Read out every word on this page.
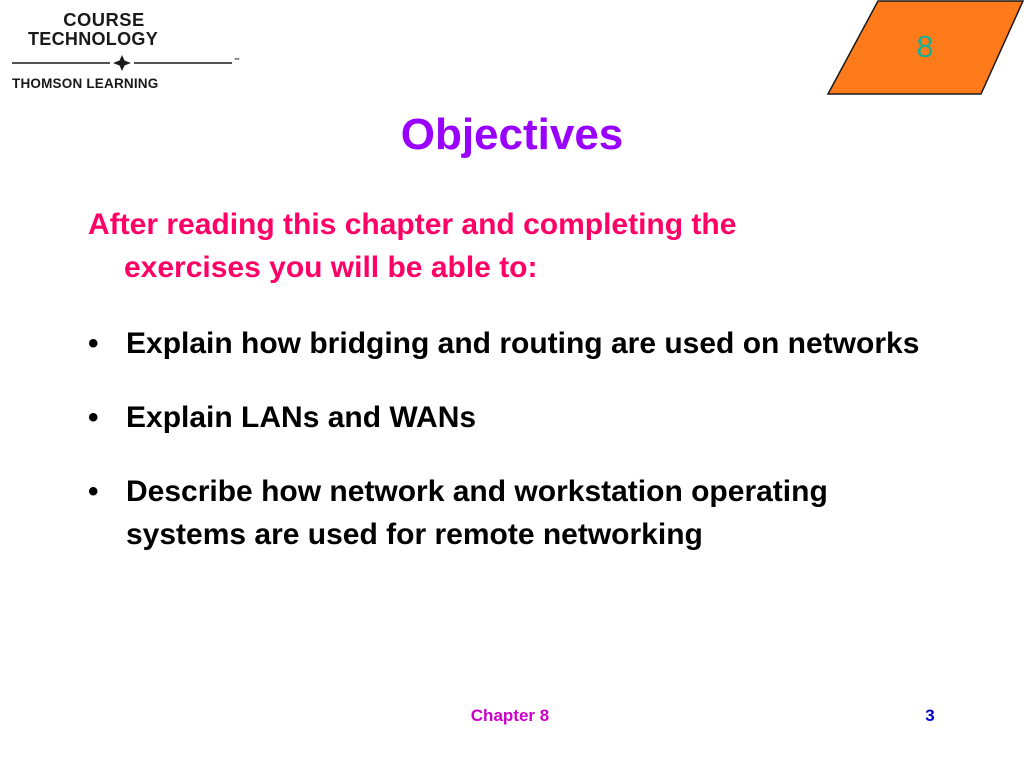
COURSE
TECHNOLOGY
™
THOMSON LEARNING
8
Objectives
After reading this chapter and completing the
exercises you will be able to:
• Explain how bridging and routing are used on networks
• Explain LANs and WANs
• Describe how network and workstation operating systems are used for remote networking
Chapter 8	3
